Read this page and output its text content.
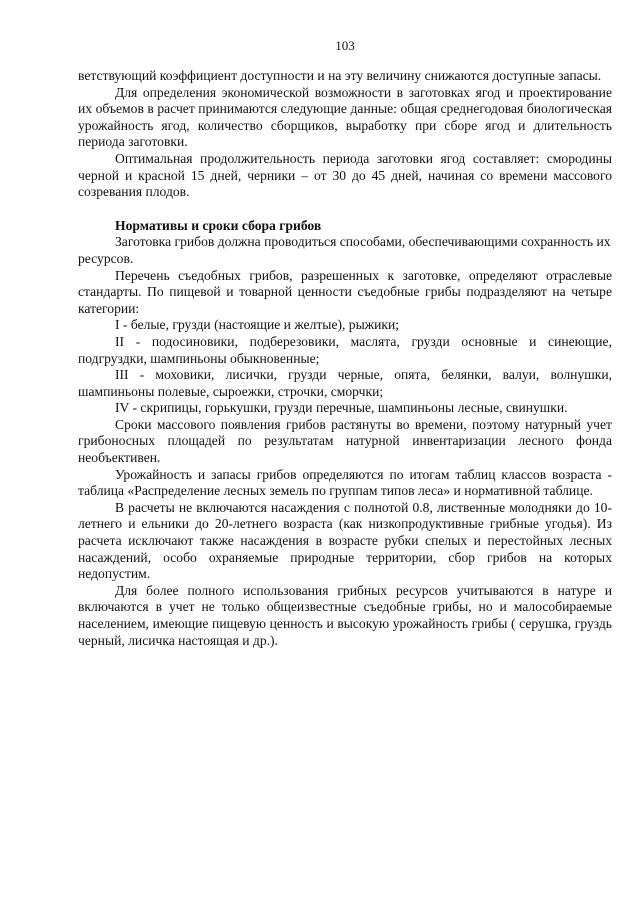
103

ветствующий коэффициент доступности и на эту величину снижаются доступные запасы.

Для определения экономической возможности в заготовках ягод и проектирование их объемов в расчет принимаются следующие данные: общая среднегодовая биологическая урожайность ягод, количество сборщиков, выработку при сборе ягод и длительность периода заготовки.

Оптимальная продолжительность периода заготовки ягод составляет: смородины черной и красной 15 дней, черники – от 30 до 45 дней, начиная со времени массового созревания плодов.

Нормативы и сроки сбора грибов

Заготовка грибов должна проводиться способами, обеспечивающими сохранность их ресурсов.

Перечень съедобных грибов, разрешенных к заготовке, определяют отраслевые стандарты. По пищевой и товарной ценности съедобные грибы подразделяют на четыре категории:

I - белые, грузди (настоящие и желтые), рыжики;

II - подосиновики, подберезовики, маслята, грузди основные и синеющие, подгруздки, шампиньоны обыкновенные;

III - моховики, лисички, грузди черные, опята, белянки, валуи, волнушки, шампиньоны полевые, сыроежки, строчки, сморчки;

IV - скрипицы, горькушки, грузди перечные, шампиньоны лесные, свинушки.

Сроки массового появления грибов растянуты во времени, поэтому натурный учет грибоносных площадей по результатам натурной инвентаризации лесного фонда необъективен.

Урожайность и запасы грибов определяются по итогам таблиц классов возраста - таблица «Распределение лесных земель по группам типов леса» и нормативной таблице.

В расчеты не включаются насаждения с полнотой 0.8, лиственные молодняки до 10-летнего и ельники до 20-летнего возраста (как низкопродуктивные грибные угодья). Из расчета исключают также насаждения в возрасте рубки спелых и перестойных лесных насаждений, особо охраняемые природные территории, сбор грибов на которых недопустим.

Для более полного использования грибных ресурсов учитываются в натуре и включаются в учет не только общеизвестные съедобные грибы, но и малособираемые населением, имеющие пищевую ценность и высокую урожайность грибы ( серушка, груздь черный, лисичка настоящая и др.).
